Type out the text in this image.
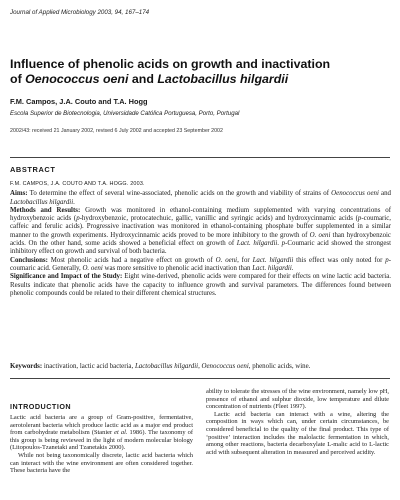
Journal of Applied Microbiology 2003, 94, 167–174
Influence of phenolic acids on growth and inactivation
of Oenococcus oeni and Lactobacillus hilgardii
F.M. Campos, J.A. Couto and T.A. Hogg
Escola Superior de Biotecnologia, Universidade Católica Portuguesa, Porto, Portugal
2002/43: received 21 January 2002, revised 6 July 2002 and accepted 23 September 2002
ABSTRACT
F.M. CAMPOS, J.A. COUTO AND T.A. HOGG. 2003.

Aims: To determine the effect of several wine-associated, phenolic acids on the growth and viability of strains of Oenococcus oeni and Lactobacillus hilgardii.

Methods and Results: Growth was monitored in ethanol-containing medium supplemented with varying concentrations of hydroxybenzoic acids (p-hydroxybenzoic, protocatechuic, gallic, vanillic and syringic acids) and hydroxycinnamic acids (p-coumaric, caffeic and ferulic acids). Progressive inactivation was monitored in ethanol-containing phosphate buffer supplemented in a similar manner to the growth experiments. Hydroxycinnamic acids proved to be more inhibitory to the growth of O. oeni than hydroxybenzoic acids. On the other hand, some acids showed a beneficial effect on growth of Lact. hilgardii. p-Coumaric acid showed the strongest inhibitory effect on growth and survival of both bacteria.

Conclusions: Most phenolic acids had a negative effect on growth of O. oeni, for Lact. hilgardii this effect was only noted for p-coumaric acid. Generally, O. oeni was more sensitive to phenolic acid inactivation than Lact. hilgardii.

Significance and Impact of the Study: Eight wine-derived, phenolic acids were compared for their effects on wine lactic acid bacteria. Results indicate that phenolic acids have the capacity to influence growth and survival parameters. The differences found between phenolic compounds could be related to their different chemical structures.

Keywords: inactivation, lactic acid bacteria, Lactobacillus hilgardii, Oenococcus oeni, phenolic acids, wine.
INTRODUCTION

Lactic acid bacteria are a group of Gram-positive, fermentative, aerotolerant bacteria which produce lactic acid as a major end product from carbohydrate metabolism (Stanier et al. 1986). The taxonomy of this group is being reviewed in the light of modern molecular biology (Litopoulos-Tzanetaki and Tzanetakis 2000).

While not being taxonomically discrete, lactic acid bacteria which can interact with the wine environment are often considered together. These bacteria have the

ability to tolerate the stresses of the wine environment, namely low pH, presence of ethanol and sulphur dioxide, low temperature and dilute concentration of nutrients (Fleet 1997).

Lactic acid bacteria can interact with a wine, altering the composition in ways which can, under certain circumstances, be considered beneficial to the quality of the final product. This type of ‘positive’ interaction includes the malolactic fermentation in which, among other reactions, bacteria decarboxylate L-malic acid to L-lactic acid with subsequent alteration in measured and perceived acidity.
